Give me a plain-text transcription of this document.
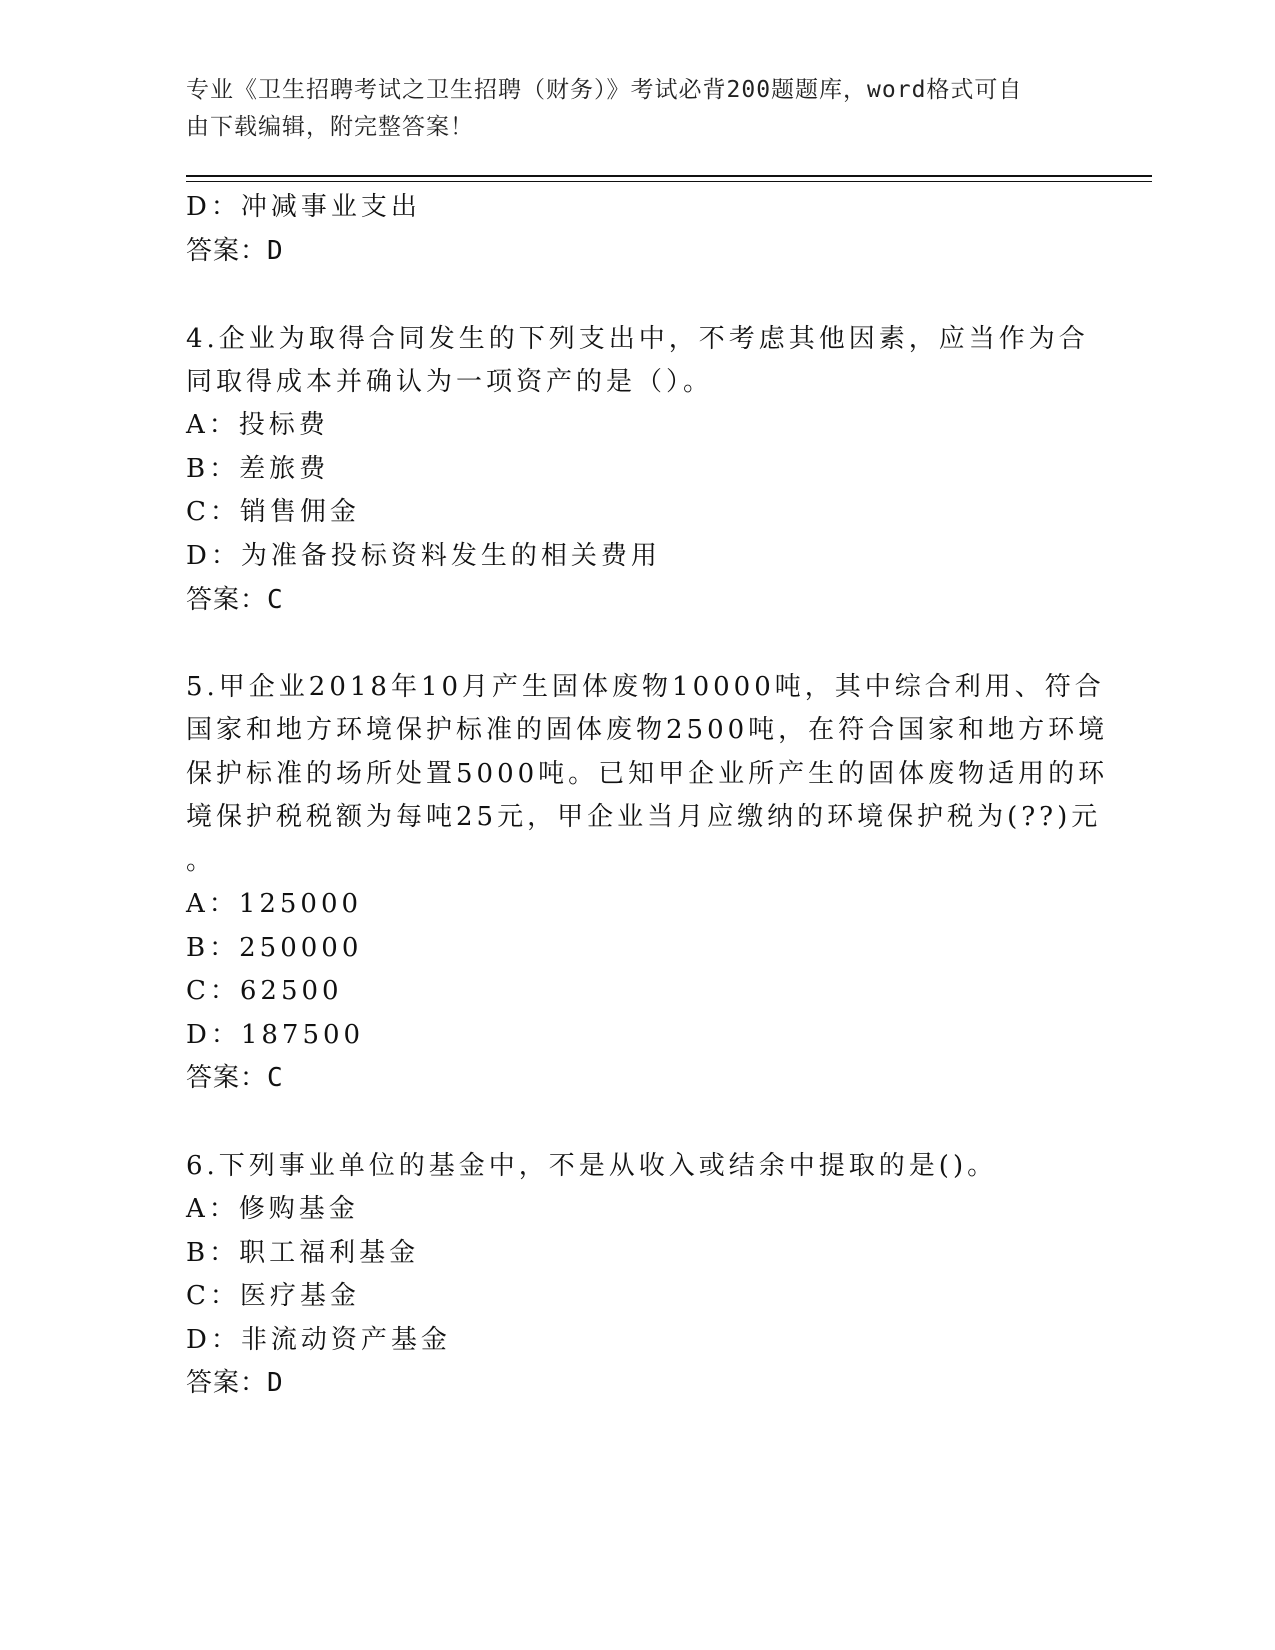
专业《卫生招聘考试之卫生招聘（财务）》考试必背200题题库，word格式可自
由下载编辑，附完整答案！
D：冲减事业支出
答案：D
4.企业为取得合同发生的下列支出中，不考虑其他因素，应当作为合
同取得成本并确认为一项资产的是（）。
A：投标费
B：差旅费
C：销售佣金
D：为准备投标资料发生的相关费用
答案：C
5.甲企业2018年10月产生固体废物10000吨，其中综合利用、符合
国家和地方环境保护标准的固体废物2500吨，在符合国家和地方环境
保护标准的场所处置5000吨。已知甲企业所产生的固体废物适用的环
境保护税税额为每吨25元，甲企业当月应缴纳的环境保护税为(??)元
。
A：125000
B：250000
C：62500
D：187500
答案：C
6.下列事业单位的基金中，不是从收入或结余中提取的是()。
A：修购基金
B：职工福利基金
C：医疗基金
D：非流动资产基金
答案：D
